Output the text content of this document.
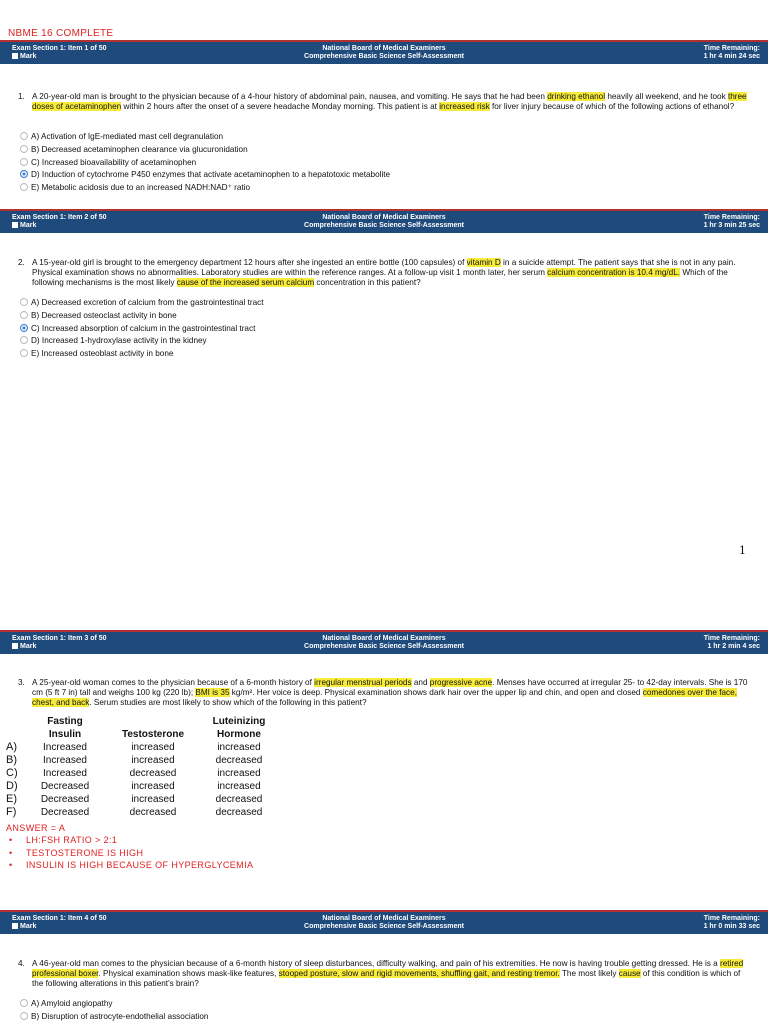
NBME 16 COMPLETE
Exam Section 1: Item 1 of 50
Mark
National Board of Medical Examiners
Comprehensive Basic Science Self-Assessment
Time Remaining:
1 hr 4 min 24 sec
1. A 20-year-old man is brought to the physician because of a 4-hour history of abdominal pain, nausea, and vomiting. He says that he had been drinking ethanol heavily all weekend, and he took three doses of acetaminophen within 2 hours after the onset of a severe headache Monday morning. This patient is at increased risk for liver injury because of which of the following actions of ethanol?
A) Activation of IgE-mediated mast cell degranulation
B) Decreased acetaminophen clearance via glucuronidation
C) Increased bioavailability of acetaminophen
D) Induction of cytochrome P450 enzymes that activate acetaminophen to a hepatotoxic metabolite
E) Metabolic acidosis due to an increased NADH:NAD⁺ ratio
Exam Section 1: Item 2 of 50
Mark
National Board of Medical Examiners
Comprehensive Basic Science Self-Assessment
Time Remaining:
1 hr 3 min 25 sec
2. A 15-year-old girl is brought to the emergency department 12 hours after she ingested an entire bottle (100 capsules) of vitamin D in a suicide attempt. The patient says that she is not in any pain. Physical examination shows no abnormalities. Laboratory studies are within the reference ranges. At a follow-up visit 1 month later, her serum calcium concentration is 10.4 mg/dL. Which of the following mechanisms is the most likely cause of the increased serum calcium concentration in this patient?
A) Decreased excretion of calcium from the gastrointestinal tract
B) Decreased osteoclast activity in bone
C) Increased absorption of calcium in the gastrointestinal tract
D) Increased 1-hydroxylase activity in the kidney
E) Increased osteoblast activity in bone
1
Exam Section 1: Item 3 of 50
Mark
National Board of Medical Examiners
Comprehensive Basic Science Self-Assessment
Time Remaining:
1 hr 2 min 4 sec
3. A 25-year-old woman comes to the physician because of a 6-month history of irregular menstrual periods and progressive acne. Menses have occurred at irregular 25- to 42-day intervals. She is 170 cm (5 ft 7 in) tall and weighs 100 kg (220 lb); BMI is 35 kg/m². Her voice is deep. Physical examination shows dark hair over the upper lip and chin, and open and closed comedones over the face, chest, and back. Serum studies are most likely to show which of the following in this patient?
	Fasting Insulin	Testosterone	Luteinizing Hormone
A)	Increased	increased	increased
B)	Increased	increased	decreased
C)	Increased	decreased	increased
D)	Decreased	increased	increased
E)	Decreased	increased	decreased
F)	Decreased	decreased	decreased
ANSWER = A
• LH:FSH RATIO > 2:1
• TESTOSTERONE IS HIGH
• INSULIN IS HIGH BECAUSE OF HYPERGLYCEMIA
Exam Section 1: Item 4 of 50
Mark
National Board of Medical Examiners
Comprehensive Basic Science Self-Assessment
Time Remaining:
1 hr 0 min 33 sec
4. A 46-year-old man comes to the physician because of a 6-month history of sleep disturbances, difficulty walking, and pain of his extremities. He now is having trouble getting dressed. He is a retired professional boxer. Physical examination shows mask-like features, stooped posture, slow and rigid movements, shuffling gait, and resting tremor. The most likely cause of this condition is which of the following alterations in this patient's brain?
A) Amyloid angiopathy
B) Disruption of astrocyte-endothelial association
